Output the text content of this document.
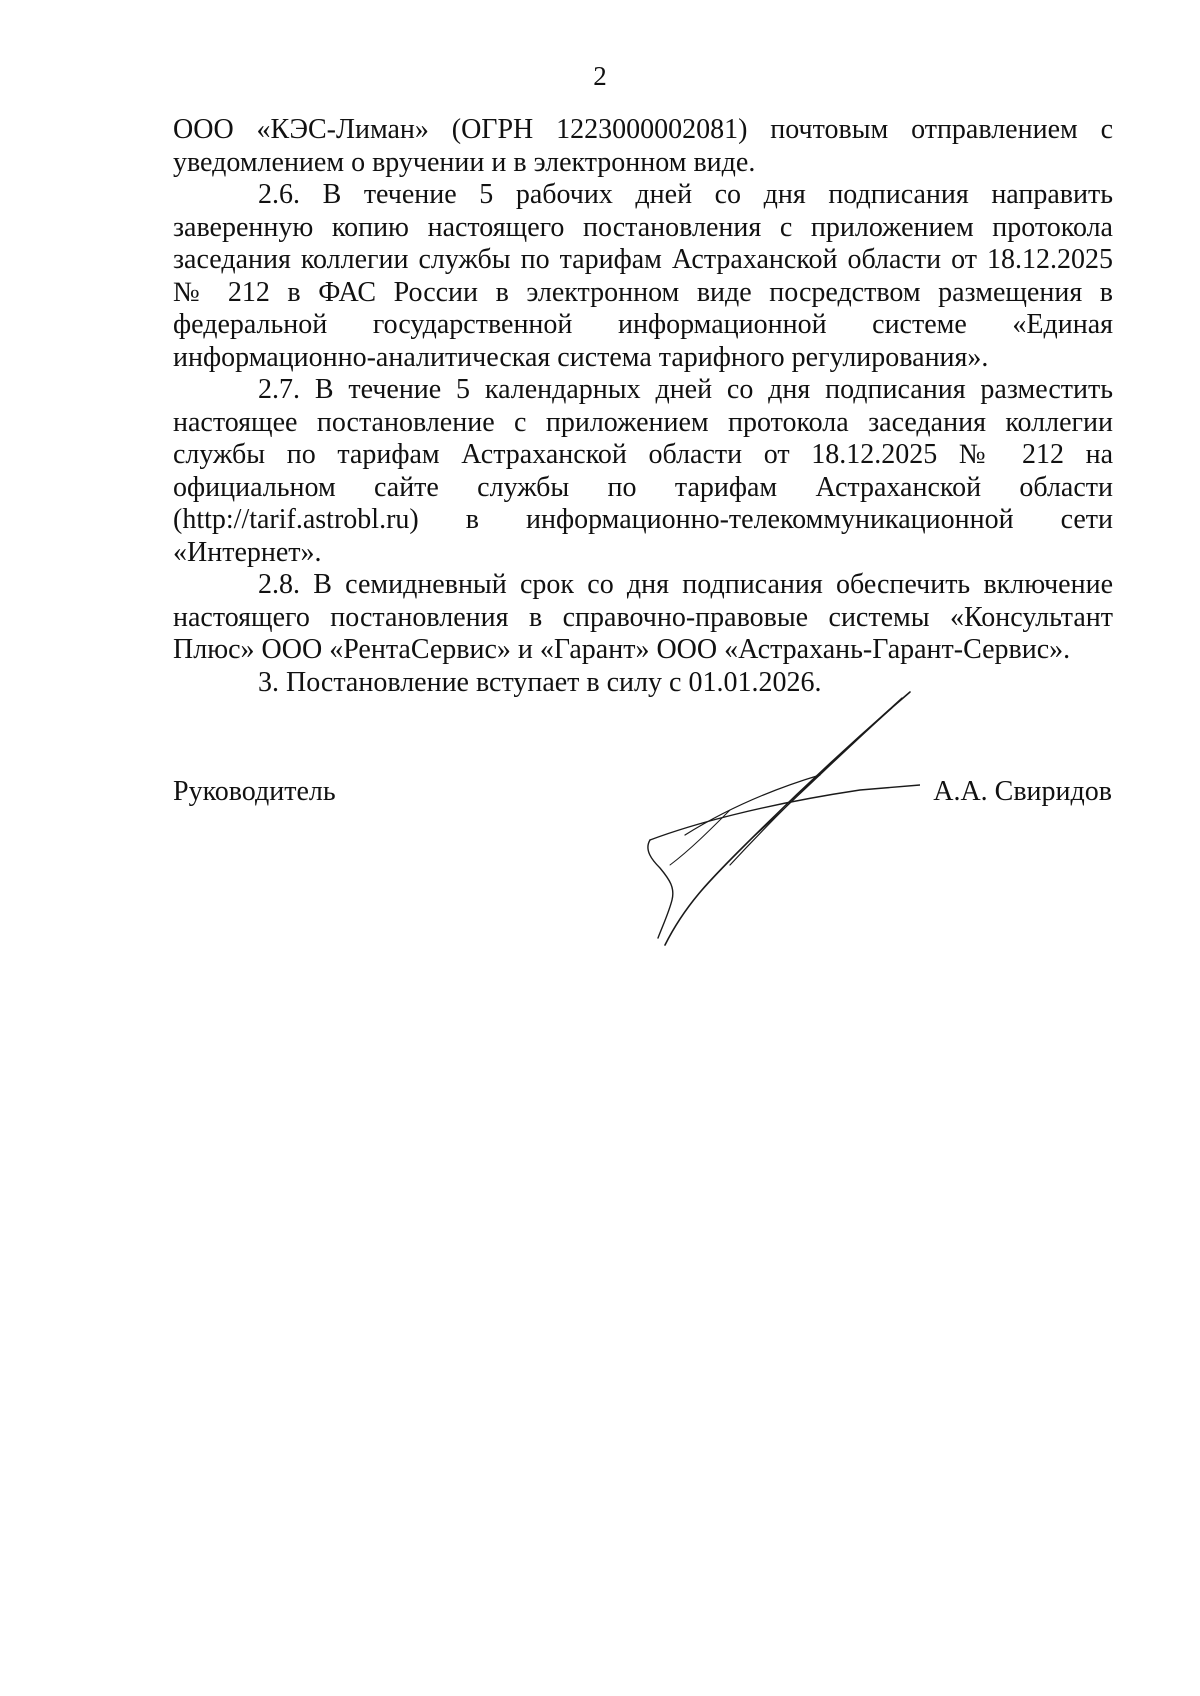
2

ООО «КЭС-Лиман» (ОГРН 1223000002081) почтовым отправлением с уведомлением о вручении и в электронном виде.

2.6. В течение 5 рабочих дней со дня подписания направить заверенную копию настоящего постановления с приложением протокола заседания коллегии службы по тарифам Астраханской области от 18.12.2025 № 212 в ФАС России в электронном виде посредством размещения в федеральной государственной информационной системе «Единая информационно-аналитическая система тарифного регулирования».

2.7. В течение 5 календарных дней со дня подписания разместить настоящее постановление с приложением протокола заседания коллегии службы по тарифам Астраханской области от 18.12.2025 № 212 на официальном сайте службы по тарифам Астраханской области (http://tarif.astrobl.ru) в информационно-телекоммуникационной сети «Интернет».

2.8. В семидневный срок со дня подписания обеспечить включение настоящего постановления в справочно-правовые системы «Консультант Плюс» ООО «РентаСервис» и «Гарант» ООО «Астрахань-Гарант-Сервис».

3. Постановление вступает в силу с 01.01.2026.

Руководитель	А.А. Свиридов
